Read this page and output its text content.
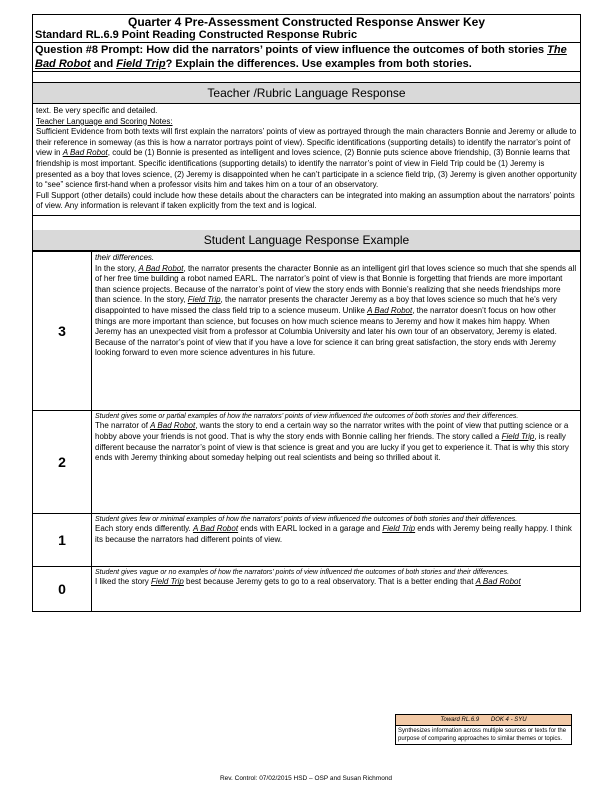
Quarter 4 Pre-Assessment Constructed Response Answer Key
Standard RL.6.9 Point Reading Constructed Response Rubric
Question #8 Prompt: How did the narrators’ points of view influence the outcomes of both stories The Bad Robot and Field Trip? Explain the differences. Use examples from both stories.
Teacher /Rubric Language Response
text. Be very specific and detailed.
Teacher Language and Scoring Notes:
Sufficient Evidence from both texts will first explain the narrators’ points of view as portrayed through the main characters Bonnie and Jeremy or allude to their reference in someway (as this is how a narrator portrays point of view). Specific identifications (supporting details) to identify the narrator’s point of view in A Bad Robot, could be (1) Bonnie is presented as intelligent and loves science, (2) Bonnie puts science above friendship, (3) Bonnie learns that friendship is most important. Specific identifications (supporting details) to identify the narrator’s point of view in Field Trip could be (1) Jeremy is presented as a boy that loves science, (2) Jeremy is disappointed when he can’t participate in a science field trip, (3) Jeremy is given another opportunity to “see” science first-hand when a professor visits him and takes him on a tour of an observatory.
Full Support (other details) could include how these details about the characters can be integrated into making an assumption about the narrators’ points of view. Any information is relevant if taken explicitly from the text and is logical.
Student Language Response Example
3	their differences.
In the story, A Bad Robot, the narrator presents the character Bonnie as an intelligent girl that loves science so much that she spends all of her free time building a robot named EARL. The narrator’s point of view is that Bonnie is forgetting that friends are more important than science projects. Because of the narrator’s point of view the story ends with Bonnie’s realizing that she needs friendships more than science. In the story, Field Trip, the narrator presents the character Jeremy as a boy that loves science so much that he’s very disappointed to have missed the class field trip to a science museum. Unlike A Bad Robot, the narrator doesn’t focus on how other things are more important than science, but focuses on how much science means to Jeremy and how it makes him happy. When Jeremy has an unexpected visit from a professor at Columbia University and later his own tour of an observatory, Jeremy is elated. Because of the narrator’s point of view that if you have a love for science it can bring great satisfaction, the story ends with Jeremy looking forward to even more science adventures in his future.

2	Student gives some or partial examples of how the narrators’ points of view influenced the outcomes of both stories and their differences.
The narrator of A Bad Robot, wants the story to end a certain way so the narrator writes with the point of view that putting science or a hobby above your friends is not good. That is why the story ends with Bonnie calling her friends. The story called a Field Trip, is really different because the narrator’s point of view is that science is great and you are lucky if you get to experience it. That is why this story ends with Jeremy thinking about someday helping out real scientists and being so thrilled about it.

1	Student gives few or minimal examples of how the narrators’ points of view influenced the outcomes of both stories and their differences.
Each story ends differently. A Bad Robot ends with EARL locked in a garage and Field Trip ends with Jeremy being really happy. I think its because the narrators had different points of view.

0	Student gives vague or no examples of how the narrators’ points of view influenced the outcomes of both stories and their differences.
I liked the story Field Trip best because Jeremy gets to go to a real observatory. That is a better ending that A Bad Robot
Toward RL.6.9 DOK 4 - SYU
Synthesizes information across multiple sources or texts for the purpose of comparing approaches to similar themes or topics.
Rev. Control: 07/02/2015 HSD – OSP and Susan Richmond
